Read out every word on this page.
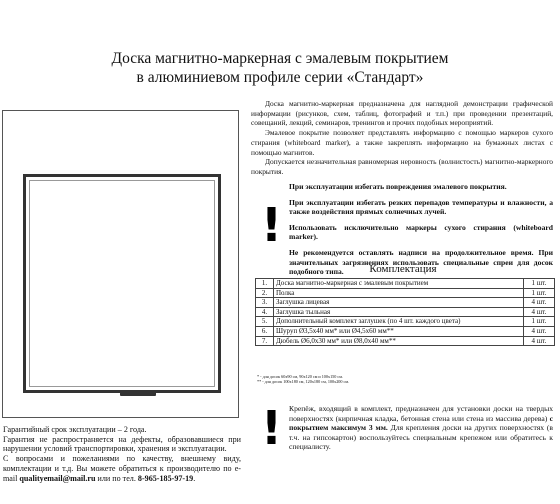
Доска магнитно-маркерная с эмалевым покрытием
в алюминиевом профиле серии «Стандарт»

Доска магнитно-маркерная предназначена для наглядной демонстрации графической информации (рисунков, схем, таблиц, фотографий и т.п.) при проведении презентаций, совещаний, лекций, семинаров, тренингов и прочих подобных мероприятий.

Эмалевое покрытие позволяет представлять информацию с помощью маркеров сухого стирания (whiteboard marker), а также закреплять информацию на бумажных листах с помощью магнитов.

Допускается незначительная равномерная неровность (волнистость) магнитно-маркерного покрытия.

!

При эксплуатации избегать повреждения эмалевого покрытия.

При эксплуатации избегать резких перепадов температуры и влажности, а также воздействия прямых солнечных лучей.

Использовать исключительно маркеры сухого стирания (whiteboard marker).

Не рекомендуется оставлять надписи на продолжительное время. При значительных загрязнениях использовать специальные спреи для досок подобного типа.	Комплектация
1.	Доска магнитно-маркерная с эмалевым покрытием	1 шт.
2.	Полка	1 шт.
3.	Заглушка лицевая	4 шт.
4.	Заглушка тыльная	4 шт.
5.	Дополнительный комплект заглушек (по 4 шт. каждого цвета)	1 шт.
6.	Шуруп Ø3,5х40 мм* или Ø4,5х60 мм**	4 шт.
7.	Дюбель Ø6,0х30 мм* или Ø8,0х40 мм**	4 шт.
* - для досок 60х90 см, 90х120 см и 100х150 см.
** - для досок 100х180 см, 120х180 см, 100х200 см.
! Крепёж, входящий в комплект, предназначен для установки доски на твердых поверхностях (кирпичная кладка, бетонная стена или стена из массива дерева) с покрытием максимум 3 мм. Для крепления доски на других поверхностях (в т.ч. на гипсокартон) воспользуйтесь специальным крепежом или обратитесь к специалисту.

Гарантийный срок эксплуатации – 2 года.

Гарантия не распространяется на дефекты, образовавшиеся при нарушении условий транспортировки, хранения и эксплуатации.

С вопросами и пожеланиями по качеству, внешнему виду, комплектации и т.д. Вы можете обратиться к производителю по e-mail qualityemail@mail.ru или по тел. 8-965-185-97-19.
